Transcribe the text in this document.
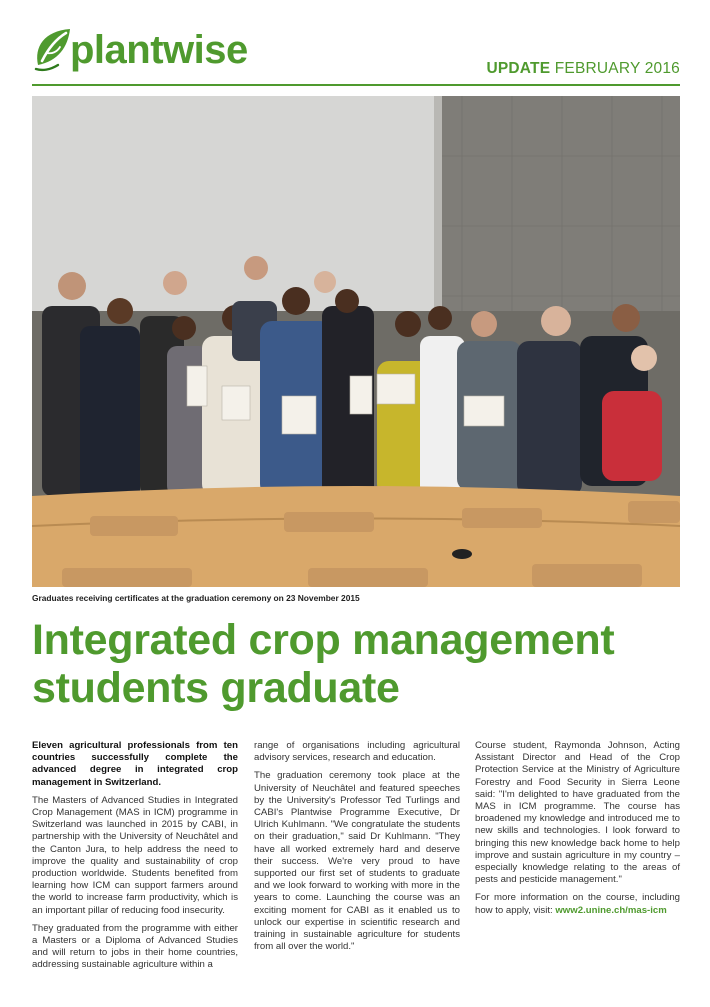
plantwise	UPDATE FEBRUARY 2016
Graduates receiving certificates at the graduation ceremony on 23 November 2015
Integrated crop management
students graduate

Eleven agricultural professionals from ten countries successfully complete the advanced degree in integrated crop management in Switzerland.

The Masters of Advanced Studies in Integrated Crop Management (MAS in ICM) programme in Switzerland was launched in 2015 by CABI, in partnership with the University of Neuchâtel and the Canton Jura, to help address the need to improve the quality and sustainability of crop production worldwide. Students benefited from learning how ICM can support farmers around the world to increase farm productivity, which is an important pillar of reducing food insecurity.

They graduated from the programme with either a Masters or a Diploma of Advanced Studies and will return to jobs in their home countries, addressing sustainable agriculture within a

range of organisations including agricultural advisory services, research and education.

The graduation ceremony took place at the University of Neuchâtel and featured speeches by the University's Professor Ted Turlings and CABI's Plantwise Programme Executive, Dr Ulrich Kuhlmann. "We congratulate the students on their graduation," said Dr Kuhlmann. "They have all worked extremely hard and deserve their success. We're very proud to have supported our first set of students to graduate and we look forward to working with more in the years to come. Launching the course was an exciting moment for CABI as it enabled us to unlock our expertise in scientific research and training in sustainable agriculture for students from all over the world."

Course student, Raymonda Johnson, Acting Assistant Director and Head of the Crop Protection Service at the Ministry of Agriculture Forestry and Food Security in Sierra Leone said: "I'm delighted to have graduated from the MAS in ICM programme. The course has broadened my knowledge and introduced me to new skills and technologies. I look forward to bringing this new knowledge back home to help improve and sustain agriculture in my country – especially knowledge relating to the areas of pests and pesticide management."

For more information on the course, including how to apply, visit: www2.unine.ch/mas-icm
